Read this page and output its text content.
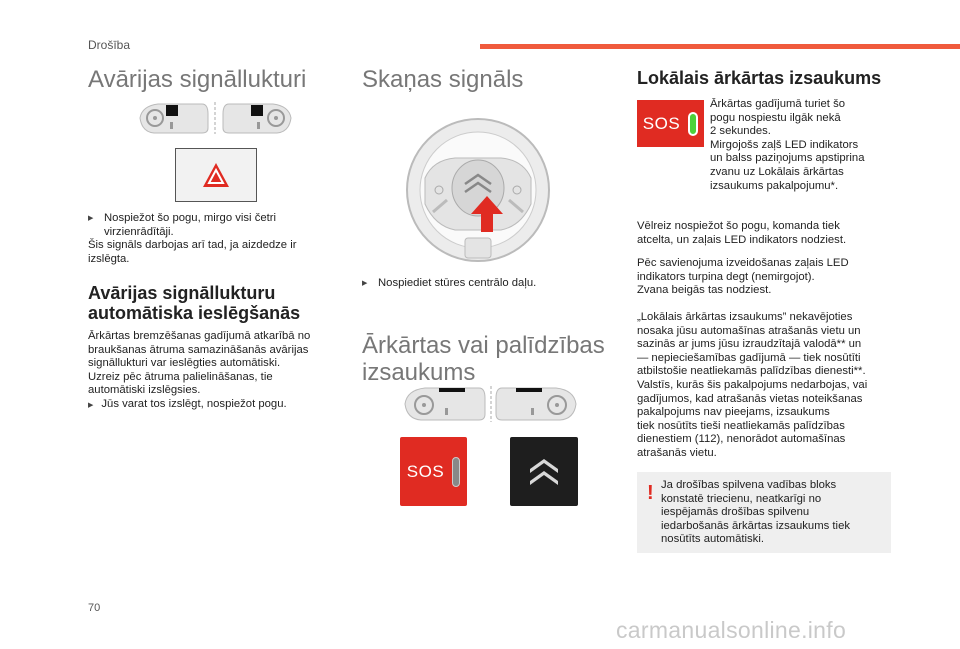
Drošība
Avārijas signāllukturi

▶ Nospiežot šo pogu, mirgo visi četri
virzienrādītāji.

Šis signāls darbojas arī tad, ja aizdedze ir izslēgta.

Avārijas signāllukturu
automātiska ieslēgšanās

Ārkārtas bremzēšanas gadījumā atkarībā no

braukšanas ātruma samazināšanās avārijas

signāllukturi var ieslēgties automātiski.

Uzreiz pēc ātruma palielināšanas, tie

automātiski izslēgsies.

▶ Jūs varat tos izslēgt, nospiežot pogu.

Skaņas signāls

▶ Nospiediet stūres centrālo daļu.

Ārkārtas vai palīdzības
izsaukums
SOS
Lokālais ārkārtas izsaukums
SOS

Ārkārtas gadījumā turiet šo

pogu nospiestu ilgāk nekā

2 sekundes.

Mirgojošs zaļš LED indikators

un balss paziņojums apstiprina

zvanu uz Lokālais ārkārtas

izsaukums pakalpojumu*.

Vēlreiz nospiežot šo pogu, komanda tiek

atcelta, un zaļais LED indikators nodziest.

Pēc savienojuma izveidošanas zaļais LED

indikators turpina degt (nemirgojot).

Zvana beigās tas nodziest.

„Lokālais ārkārtas izsaukums” nekavējoties

nosaka jūsu automašīnas atrašanās vietu un

sazinās ar jums jūsu izraudzītajā valodā** un

— nepieciešamības gadījumā — tiek nosūtīti

atbilstošie neatliekamās palīdzības dienesti**.

Valstīs, kurās šis pakalpojums nedarbojas, vai

gadījumos, kad atrašanās vietas noteikšanas

pakalpojums nav pieejams, izsaukums

tiek nosūtīts tieši neatliekamās palīdzības

dienestiem (112), nenorādot automašīnas

atrašanās vietu.

! Ja drošības spilvena vadības bloks

konstatē triecienu, neatkarīgi no

iespējamās drošības spilvenu

iedarbošanās ārkārtas izsaukums tiek

nosūtīts automātiski.

70
carmanualsonline.info
